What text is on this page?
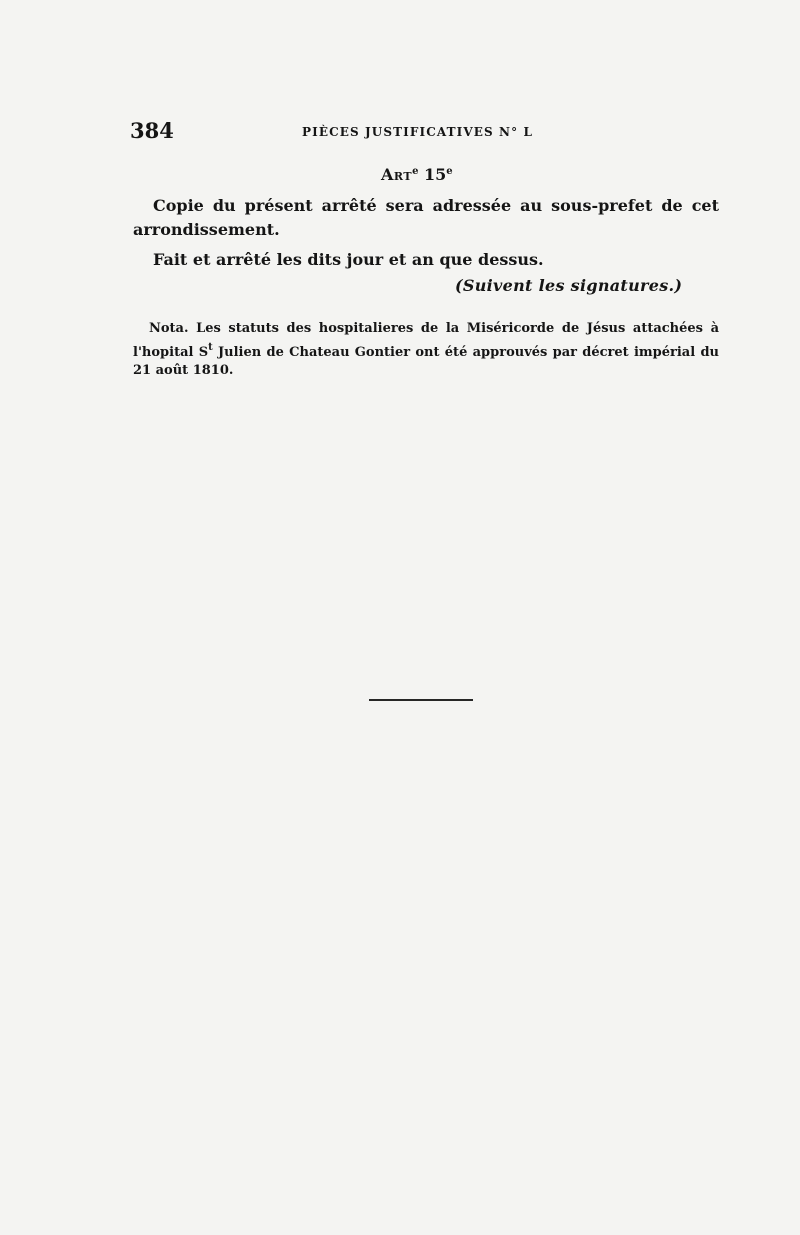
384	PIÈCES JUSTIFICATIVES N° L
Art$^e$ 15e
Copie du présent arrêté sera adressée au sous-prefet de cet arrondissement.
Fait et arrêté les dits jour et an que dessus.
(Suivent les signatures.)
Nota. Les statuts des hospitalieres de la Miséricorde de Jésus attachées à l'hopital $S^t$ Julien de Chateau Gontier ont été approuvés par décret impérial du 21 août 1810.
